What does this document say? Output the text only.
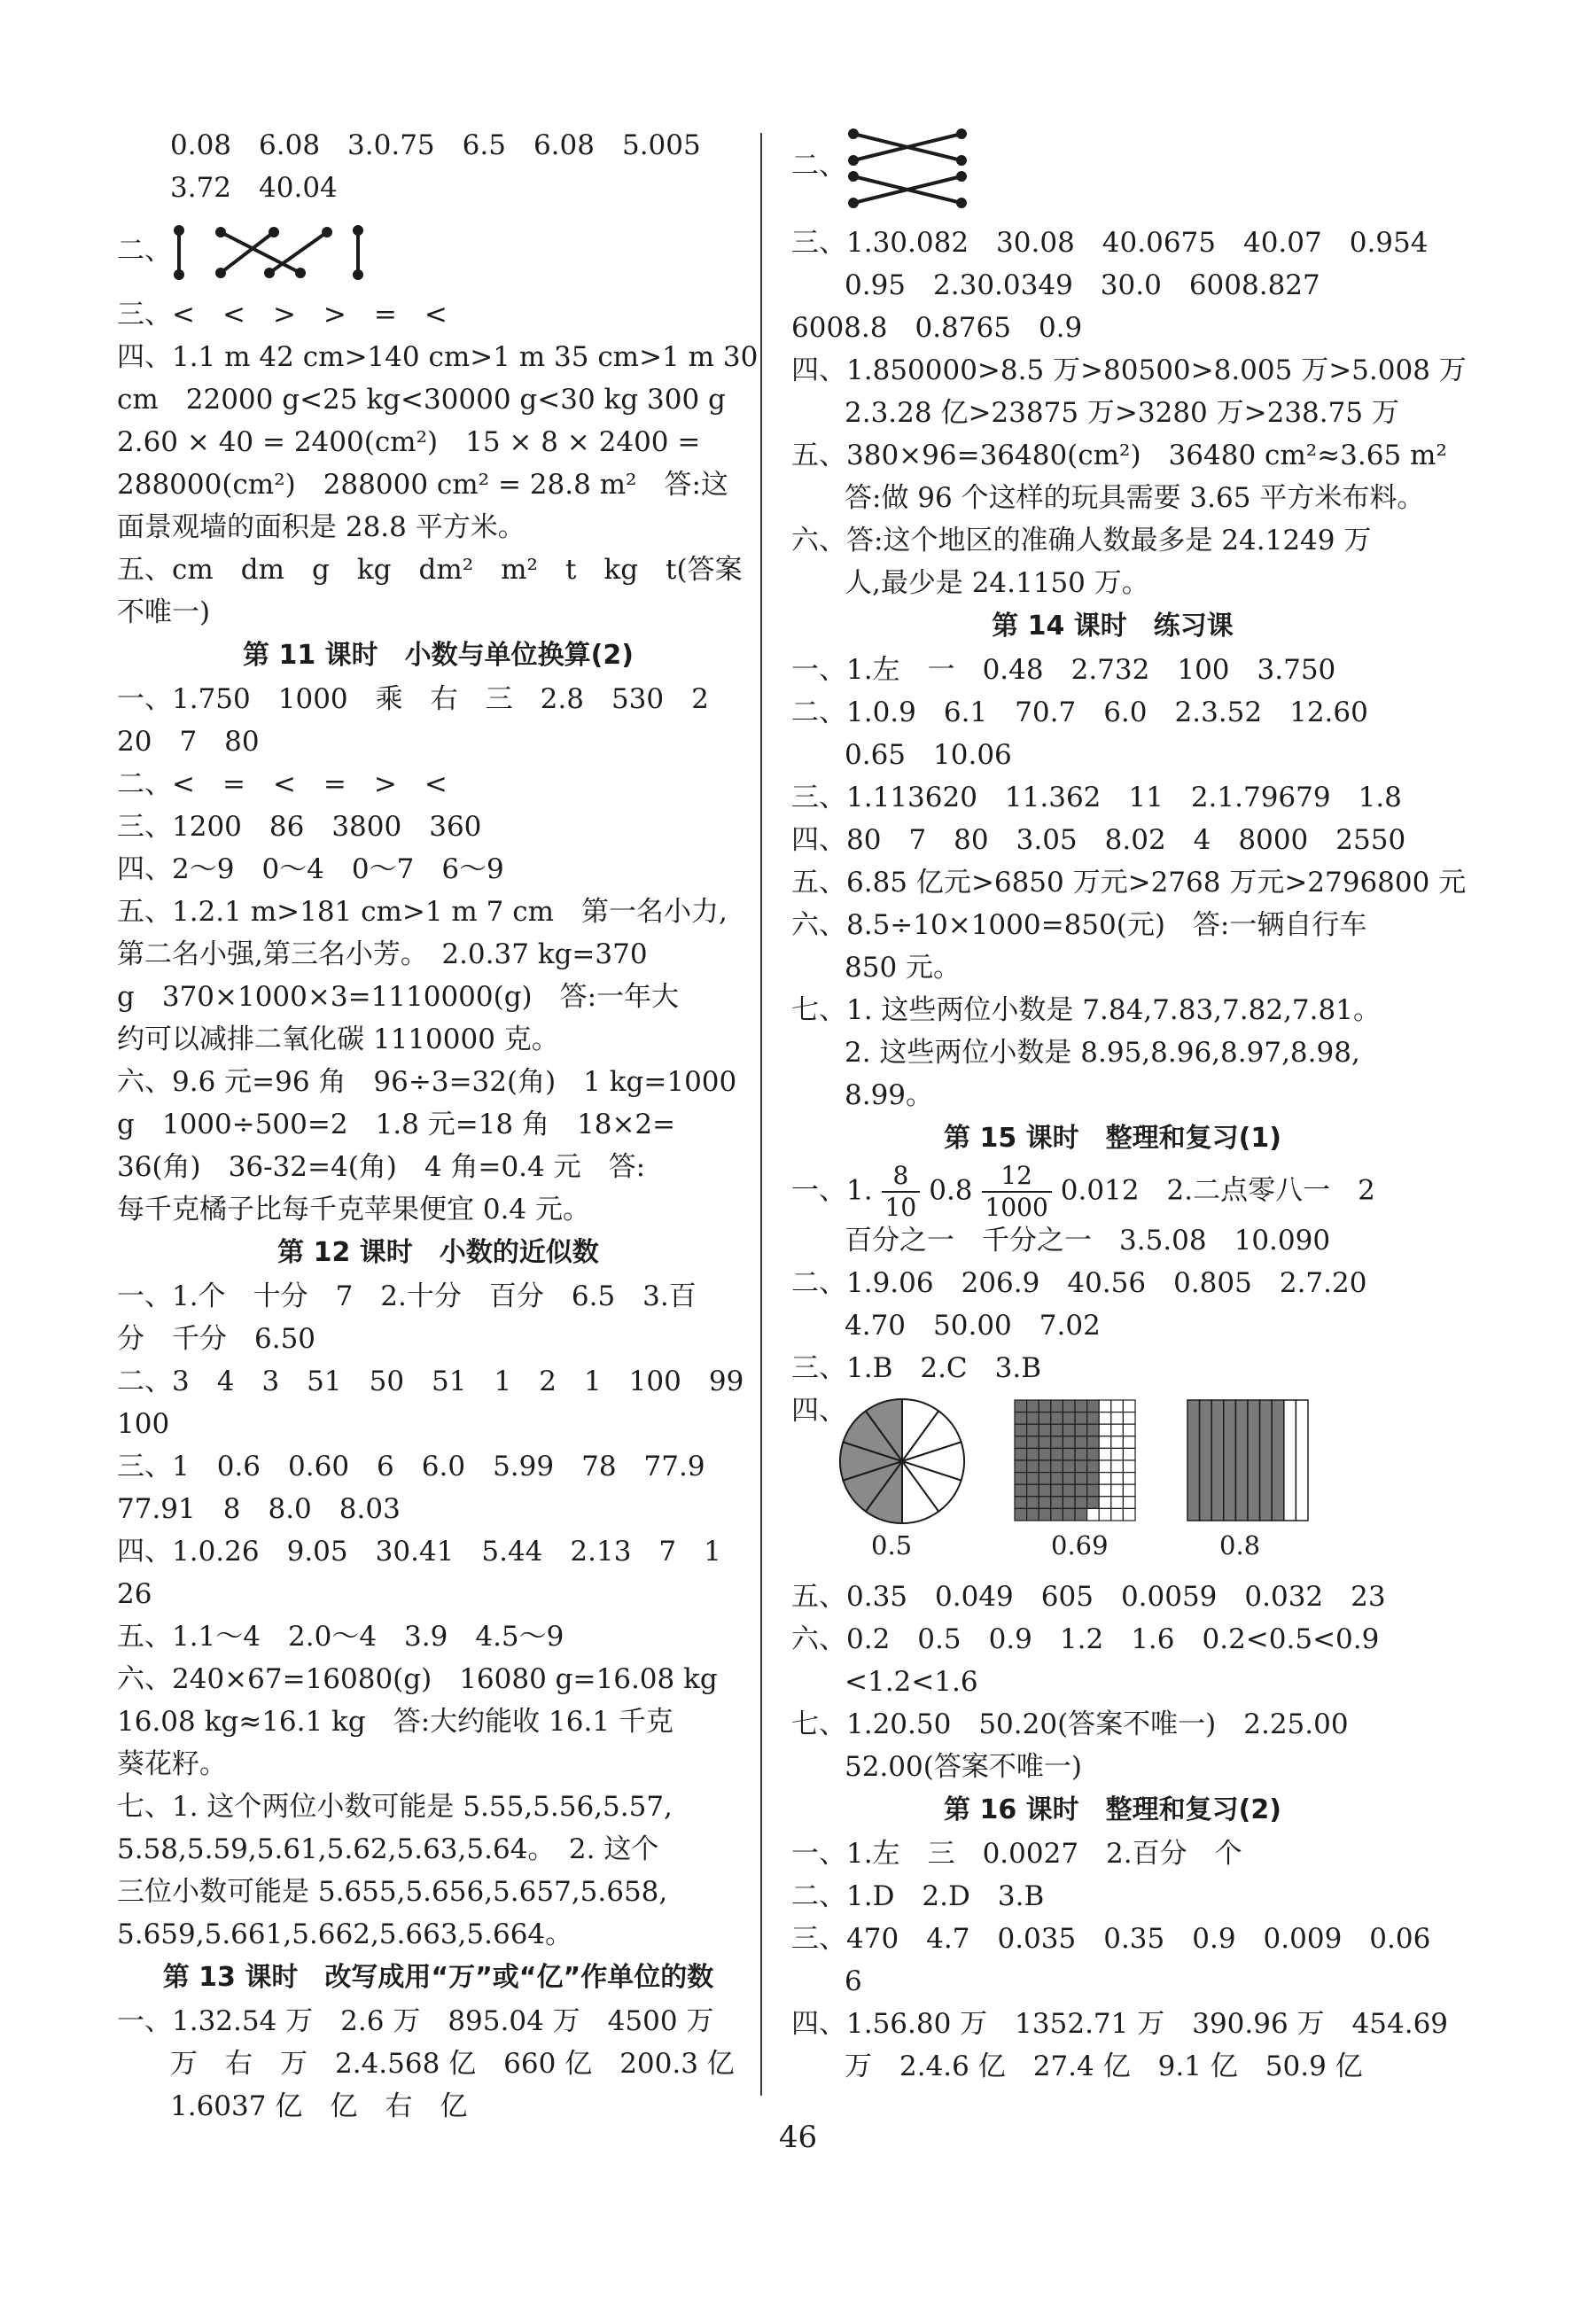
0.08　6.08　3.0.75　6.5　6.08　5.005
3.72　40.04
二、
三、<　<　>　>　=　<
四、1.1 m 42 cm>140 cm>1 m 35 cm>1 m 30
cm　22000 g<25 kg<30000 g<30 kg 300 g
2.60 × 40 = 2400(cm²)　15 × 8 × 2400 =
288000(cm²)　288000 cm² = 28.8 m²　答:这
面景观墙的面积是 28.8 平方米。
五、cm　dm　g　kg　dm²　m²　t　kg　t(答案
不唯一)
第 11 课时　小数与单位换算(2)
一、1.750　1000　乘　右　三　2.8　530　2
20　7　80
二、<　=　<　=　>　<
三、1200　86　3800　360
四、2～9　0～4　0～7　6～9
五、1.2.1 m>181 cm>1 m 7 cm　第一名小力,
第二名小强,第三名小芳。　2.0.37 kg=370
g　370×1000×3=1110000(g)　答:一年大
约可以减排二氧化碳 1110000 克。
六、9.6 元=96 角　96÷3=32(角)　1 kg=1000
g　1000÷500=2　1.8 元=18 角　18×2=
36(角)　36-32=4(角)　4 角=0.4 元　答:
每千克橘子比每千克苹果便宜 0.4 元。
第 12 课时　小数的近似数
一、1.个　十分　7　2.十分　百分　6.5　3.百
分　千分　6.50
二、3　4　3　51　50　51　1　2　1　100　99
100
三、1　0.6　0.60　6　6.0　5.99　78　77.9
77.91　8　8.0　8.03
四、1.0.26　9.05　30.41　5.44　2.13　7　1
26
五、1.1～4　2.0～4　3.9　4.5～9
六、240×67=16080(g)　16080 g=16.08 kg
16.08 kg≈16.1 kg　答:大约能收 16.1 千克
葵花籽。
七、1. 这个两位小数可能是 5.55,5.56,5.57,
5.58,5.59,5.61,5.62,5.63,5.64。　2. 这个
三位小数可能是 5.655,5.656,5.657,5.658,
5.659,5.661,5.662,5.663,5.664。
第 13 课时　改写成用“万”或“亿”作单位的数
一、1.32.54 万　2.6 万　895.04 万　4500 万
万　右　万　2.4.568 亿　660 亿　200.3 亿
1.6037 亿　亿　右　亿
二、
三、1.30.082　30.08　40.0675　40.07　0.954
0.95　2.30.0349　30.0　6008.827
6008.8　0.8765　0.9
四、1.850000>8.5 万>80500>8.005 万>5.008 万
2.3.28 亿>23875 万>3280 万>238.75 万
五、380×96=36480(cm²)　36480 cm²≈3.65 m²
答:做 96 个这样的玩具需要 3.65 平方米布料。
六、答:这个地区的准确人数最多是 24.1249 万
人,最少是 24.1150 万。
第 14 课时　练习课
一、1.左　一　0.48　2.732　100　3.750
二、1.0.9　6.1　70.7　6.0　2.3.52　12.60
0.65　10.06
三、1.113620　11.362　11　2.1.79679　1.8
四、80　7　80　3.05　8.02　4　8000　2550
五、6.85 亿元>6850 万元>2768 万元>2796800 元
六、8.5÷10×1000=850(元)　答:一辆自行车
850 元。
七、1. 这些两位小数是 7.84,7.83,7.82,7.81。
2. 这些两位小数是 8.95,8.96,8.97,8.98,
8.99。
第 15 课时　整理和复习(1)
一、1. $\frac{8}{10} 0.8 \frac{12}{1000} 0.012$　2.二点零八一　2
百分之一　千分之一　3.5.08　10.090
二、1.9.06　206.9　40.56　0.805　2.7.20
4.70　50.00　7.02
三、1.B　2.C　3.B
四、
0.5	0.69	0.8
五、0.35　0.049　605　0.0059　0.032　23
六、0.2　0.5　0.9　1.2　1.6　0.2<0.5<0.9
<1.2<1.6
七、1.20.50　50.20(答案不唯一)　2.25.00
52.00(答案不唯一)
第 16 课时　整理和复习(2)
一、1.左　三　0.0027　2.百分　个
二、1.D　2.D　3.B
三、470　4.7　0.035　0.35　0.9　0.009　0.06
6
四、1.56.80 万　1352.71 万　390.96 万　454.69
万　2.4.6 亿　27.4 亿　9.1 亿　50.9 亿
46
